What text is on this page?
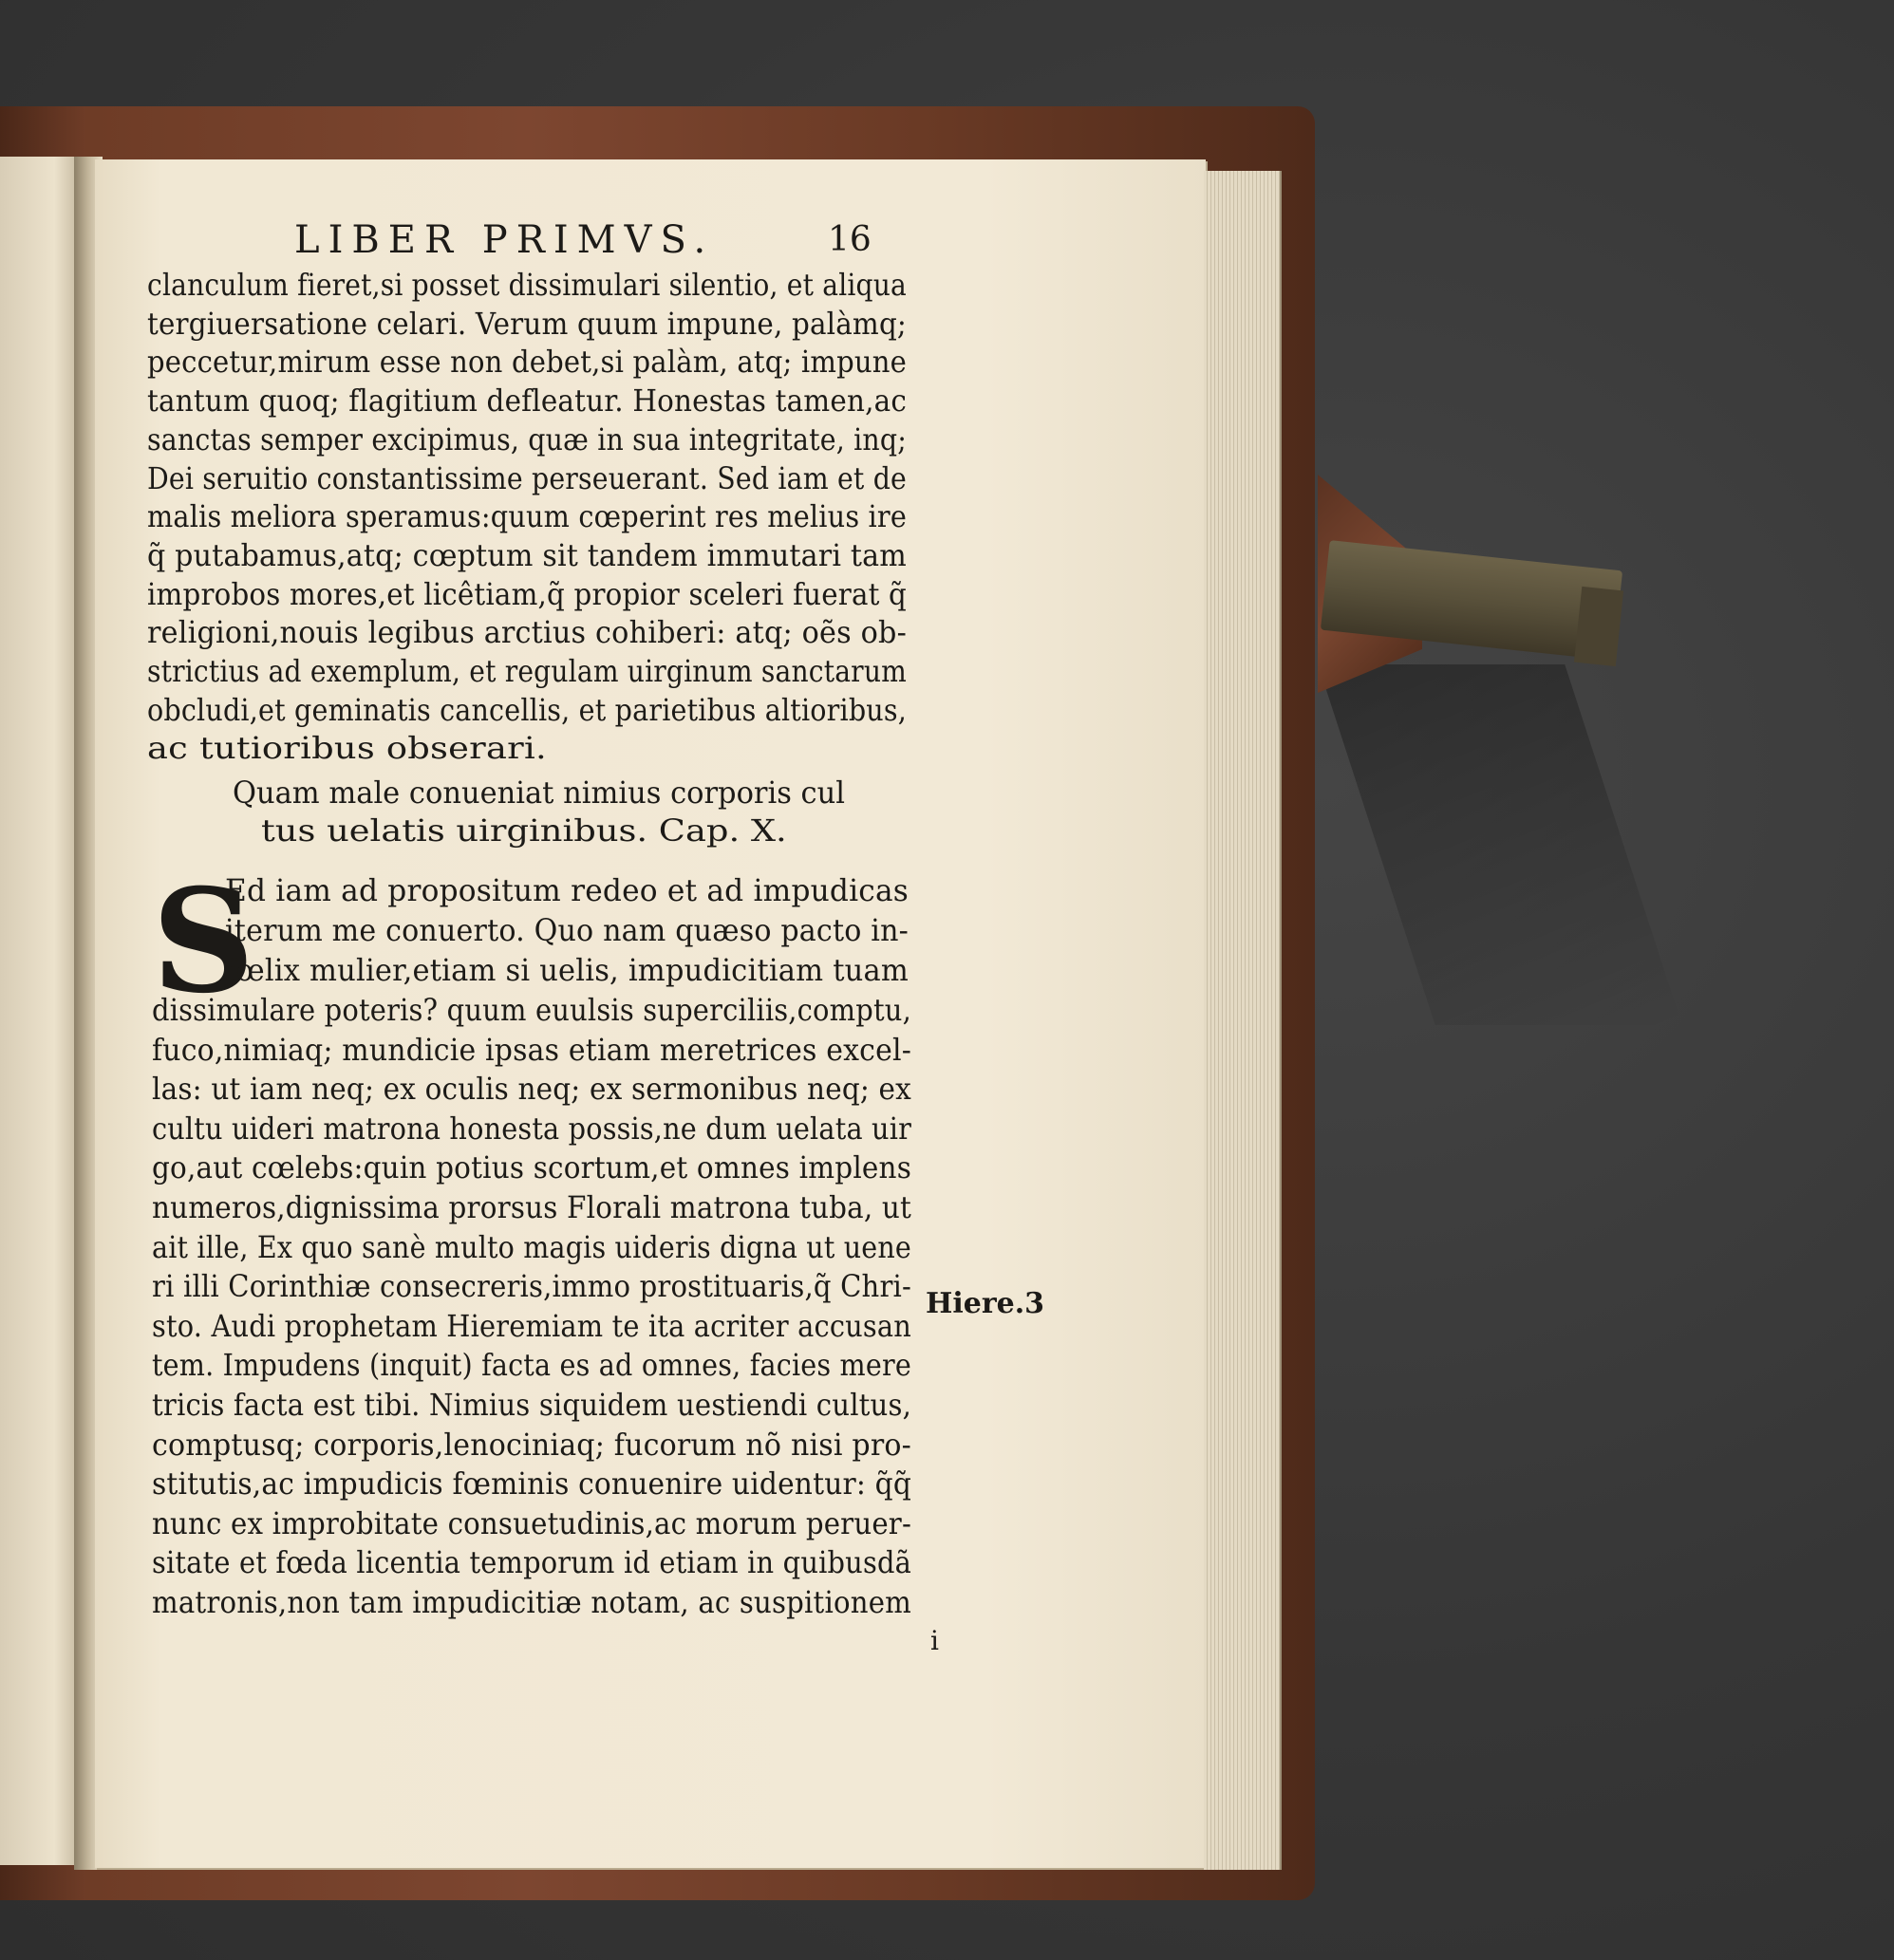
LIBER PRIMVS.	16
clanculum fieret,si posset dissimulari silentio, et aliqua
tergiuersatione celari. Verum quum impune, palàmq;
peccetur,mirum esse non debet,si palàm, atq; impune
tantum quoq; flagitium defleatur. Honestas tamen,ac
sanctas semper excipimus, quæ in sua integritate, inq;
Dei seruitio constantissime perseuerant. Sed iam et de
malis meliora speramus:quum cœperint res melius ire
q̃ putabamus,atq; cœptum sit tandem immutari tam
improbos mores,et licêtiam,q̃ propior sceleri fuerat q̃
religioni,nouis legibus arctius cohiberi: atq; oẽs ob-
strictius ad exemplum, et regulam uirginum sanctarum
obcludi,et geminatis cancellis, et parietibus altioribus,
ac tutioribus obserari.
Quam male conueniat nimius corporis cul
tus uelatis uirginibus. Cap. X.
S
Ed iam ad propositum redeo et ad impudicas
iterum me conuerto. Quo nam quæso pacto in-
fœlix mulier,etiam si uelis, impudicitiam tuam
dissimulare poteris? quum euulsis superciliis,comptu,
fuco,nimiaq; mundicie ipsas etiam meretrices excel-
las: ut iam neq; ex oculis neq; ex sermonibus neq; ex
cultu uideri matrona honesta possis,ne dum uelata uir
go,aut cœlebs:quin potius scortum,et omnes implens
numeros,dignissima prorsus Florali matrona tuba, ut
ait ille, Ex quo sanè multo magis uideris digna ut uene
ri illi Corinthiæ consecreris,immo prostituaris,q̃ Chri-
sto. Audi prophetam Hieremiam te ita acriter accusan
tem. Impudens (inquit) facta es ad omnes, facies mere
tricis facta est tibi. Nimius siquidem uestiendi cultus,
comptusq; corporis,lenociniaq; fucorum nõ nisi pro-
stitutis,ac impudicis fœminis conuenire uidentur: q̃q̃
nunc ex improbitate consuetudinis,ac morum peruer-
sitate et fœda licentia temporum id etiam in quibusdã
matronis,non tam impudicitiæ notam, ac suspitionem
Hiere.3
i
